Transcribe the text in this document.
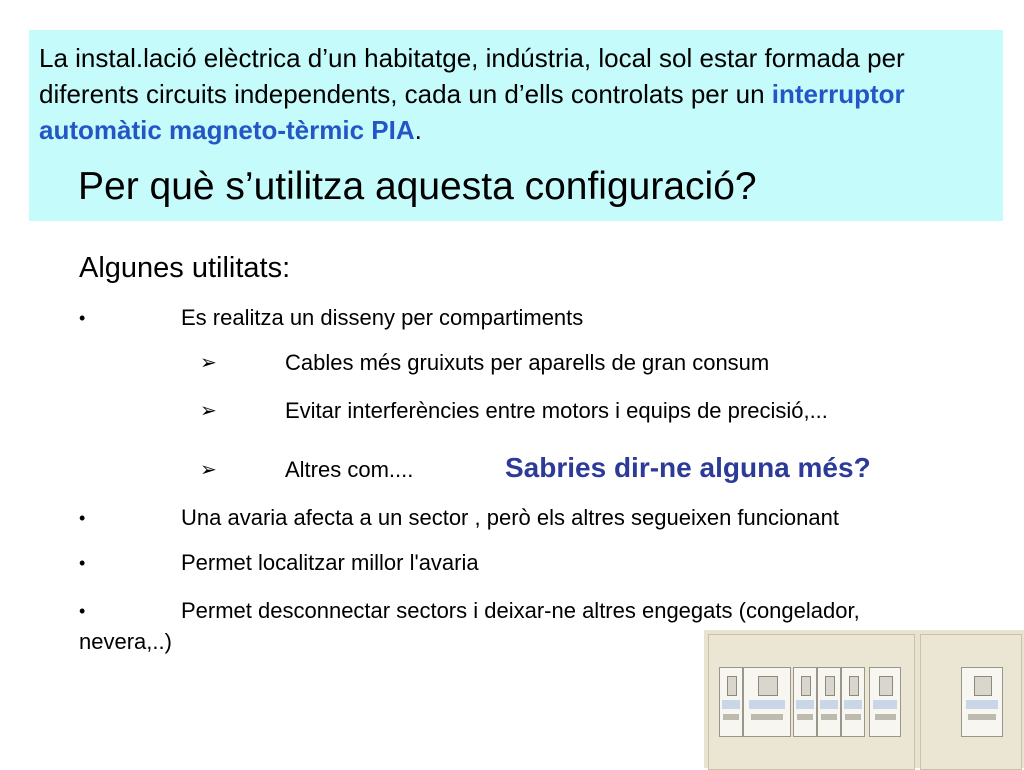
La instal.lació elèctrica d’un habitatge, indústria, local sol estar formada per diferents circuits independents, cada un d’ells controlats per un interruptor automàtic magneto-tèrmic PIA.
Per què s’utilitza aquesta configuració?
Algunes utilitats:
•	Es realitza un disseny per compartiments
➢	Cables més gruixuts per aparells de gran consum
➢	Evitar interferències entre motors i equips de precisió,...
➢	Altres com....	Sabries dir-ne alguna més?
•	Una avaria afecta a un sector , però els altres segueixen funcionant
•	Permet localitzar millor l'avaria
•	Permet desconnectar sectors i deixar-ne altres engegats (congelador,
nevera,..)
